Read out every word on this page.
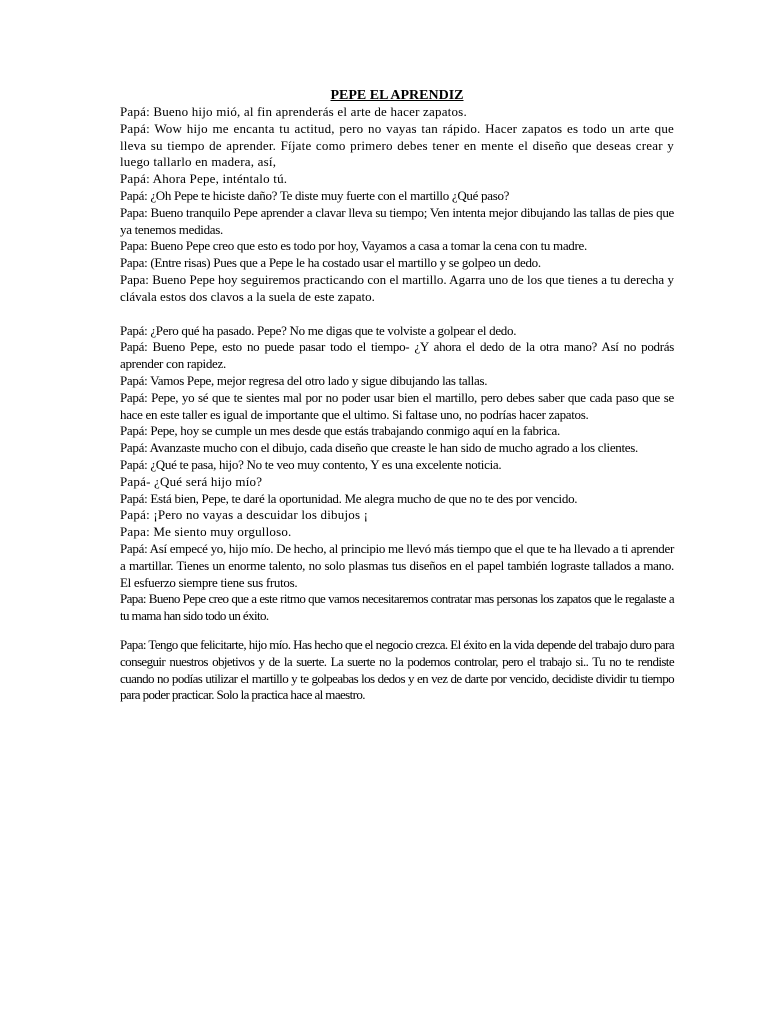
PEPE EL APRENDIZ

Papá: Bueno hijo mió, al fin aprenderás el arte de hacer zapatos.

Papá: Wow hijo me encanta tu actitud, pero no vayas tan rápido. Hacer zapatos es todo un arte que lleva su tiempo de aprender. Fíjate como primero debes tener en mente el diseño que deseas crear y luego tallarlo en madera, así,

Papá: Ahora Pepe, inténtalo tú.

Papá: ¿Oh Pepe te hiciste daño? Te diste muy fuerte con el martillo ¿Qué paso?

Papa: Bueno tranquilo Pepe aprender a clavar lleva su tiempo; Ven intenta mejor dibujando las tallas de pies que ya tenemos medidas.

Papa: Bueno Pepe creo que esto es todo por hoy, Vayamos a casa a tomar la cena con tu madre.

Papa: (Entre risas) Pues que a Pepe le ha costado usar el martillo y se golpeo un dedo.

Papa: Bueno Pepe hoy seguiremos practicando con el martillo. Agarra uno de los que tienes a tu derecha y clávala estos dos clavos a la suela de este zapato.

Papá: ¿Pero qué ha pasado. Pepe? No me digas que te volviste a golpear el dedo.

Papá: Bueno Pepe, esto no puede pasar todo el tiempo- ¿Y ahora el dedo de la otra mano? Así no podrás aprender con rapidez.

Papá: Vamos Pepe, mejor regresa del otro lado y sigue dibujando las tallas.

Papá: Pepe, yo sé que te sientes mal por no poder usar bien el martillo, pero debes saber que cada paso que se hace en este taller es igual de importante que el ultimo. Si faltase uno, no podrías hacer zapatos.

Papá: Pepe, hoy se cumple un mes desde que estás trabajando conmigo aquí en la fabrica.

Papá: Avanzaste mucho con el dibujo, cada diseño que creaste le han sido de mucho agrado a los clientes.

Papá: ¿Qué te pasa, hijo? No te veo muy contento, Y es una excelente noticia.

Papá- ¿Qué será hijo mío?

Papá: Está bien, Pepe, te daré la oportunidad. Me alegra mucho de que no te des por vencido.

Papá: ¡Pero no vayas a descuidar los dibujos ¡

Papa: Me siento muy orgulloso.

Papá: Así empecé yo, hijo mío. De hecho, al principio me llevó más tiempo que el que te ha llevado a ti aprender a martillar. Tienes un enorme talento, no solo plasmas tus diseños en el papel también lograste tallados a mano. El esfuerzo siempre tiene sus frutos.

Papa: Bueno Pepe creo que a este ritmo que vamos necesitaremos contratar mas personas los zapatos que le regalaste a tu mama han sido todo un éxito.

Papa: Tengo que felicitarte, hijo mío. Has hecho que el negocio crezca. El éxito en la vida depende del trabajo duro para conseguir nuestros objetivos y de la suerte. La suerte no la podemos controlar, pero el trabajo si.. Tu no te rendiste cuando no podías utilizar el martillo y te golpeabas los dedos y en vez de darte por vencido, decidiste dividir tu tiempo para poder practicar. Solo la practica hace al maestro.
